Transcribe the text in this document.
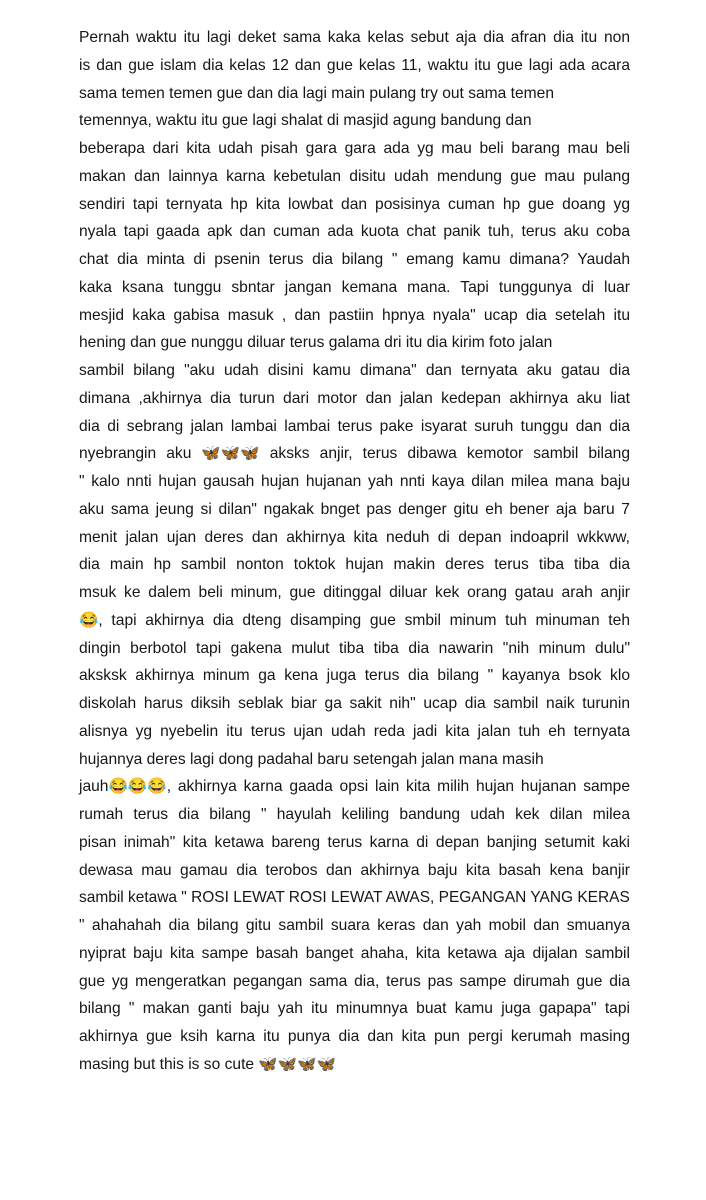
Pernah waktu itu lagi deket sama kaka kelas sebut aja dia afran dia itu non
is dan gue islam dia kelas 12 dan gue kelas 11, waktu itu gue lagi ada acara
sama temen temen gue dan dia lagi main pulang try out sama temen
temennya, waktu itu gue lagi shalat di masjid agung bandung dan
beberapa dari kita udah pisah gara gara ada yg mau beli barang mau beli
makan dan lainnya karna kebetulan disitu udah mendung gue mau pulang
sendiri tapi ternyata hp kita lowbat dan posisinya cuman hp gue doang yg
nyala tapi gaada apk dan cuman ada kuota chat panik tuh, terus aku coba
chat dia minta di psenin terus dia bilang " emang kamu dimana? Yaudah
kaka ksana tunggu sbntar jangan kemana mana. Tapi tunggunya di luar
mesjid kaka gabisa masuk , dan pastiin hpnya nyala" ucap dia setelah itu
hening dan gue nunggu diluar terus galama dri itu dia kirim foto jalan
sambil bilang "aku udah disini kamu dimana" dan ternyata aku gatau dia
dimana ,akhirnya dia turun dari motor dan jalan kedepan akhirnya aku liat
dia di sebrang jalan lambai lambai terus pake isyarat suruh tunggu dan dia
nyebrangin aku 🦋🦋🦋 aksks anjir, terus dibawa kemotor sambil bilang
" kalo nnti hujan gausah hujan hujanan yah nnti kaya dilan milea mana baju
aku sama jeung si dilan" ngakak bnget pas denger gitu eh bener aja baru 7
menit jalan ujan deres dan akhirnya kita neduh di depan indoapril wkkww,
dia main hp sambil nonton toktok hujan makin deres terus tiba tiba dia
msuk ke dalem beli minum, gue ditinggal diluar kek orang gatau arah anjir
😂, tapi akhirnya dia dteng disamping gue smbil minum tuh minuman teh
dingin berbotol tapi gakena mulut tiba tiba dia nawarin "nih minum dulu"
aksksk akhirnya minum ga kena juga terus dia bilang " kayanya bsok klo
diskolah harus diksih seblak biar ga sakit nih" ucap dia sambil naik turunin
alisnya yg nyebelin itu terus ujan udah reda jadi kita jalan tuh eh ternyata
hujannya deres lagi dong padahal baru setengah jalan mana masih
jauh😂😂😂, akhirnya karna gaada opsi lain kita milih hujan hujanan sampe
rumah terus dia bilang " hayulah keliling bandung udah kek dilan milea
pisan inimah" kita ketawa bareng terus karna di depan banjing setumit kaki
dewasa mau gamau dia terobos dan akhirnya baju kita basah kena banjir
sambil ketawa " ROSI LEWAT ROSI LEWAT AWAS, PEGANGAN YANG KERAS
" ahahahah dia bilang gitu sambil suara keras dan yah mobil dan smuanya
nyiprat baju kita sampe basah banget ahaha, kita ketawa aja dijalan sambil
gue yg mengeratkan pegangan sama dia, terus pas sampe dirumah gue dia
bilang " makan ganti baju yah itu minumnya buat kamu juga gapapa" tapi
akhirnya gue ksih karna itu punya dia dan kita pun pergi kerumah masing
masing but this is so cute 🦋🦋🦋🦋
